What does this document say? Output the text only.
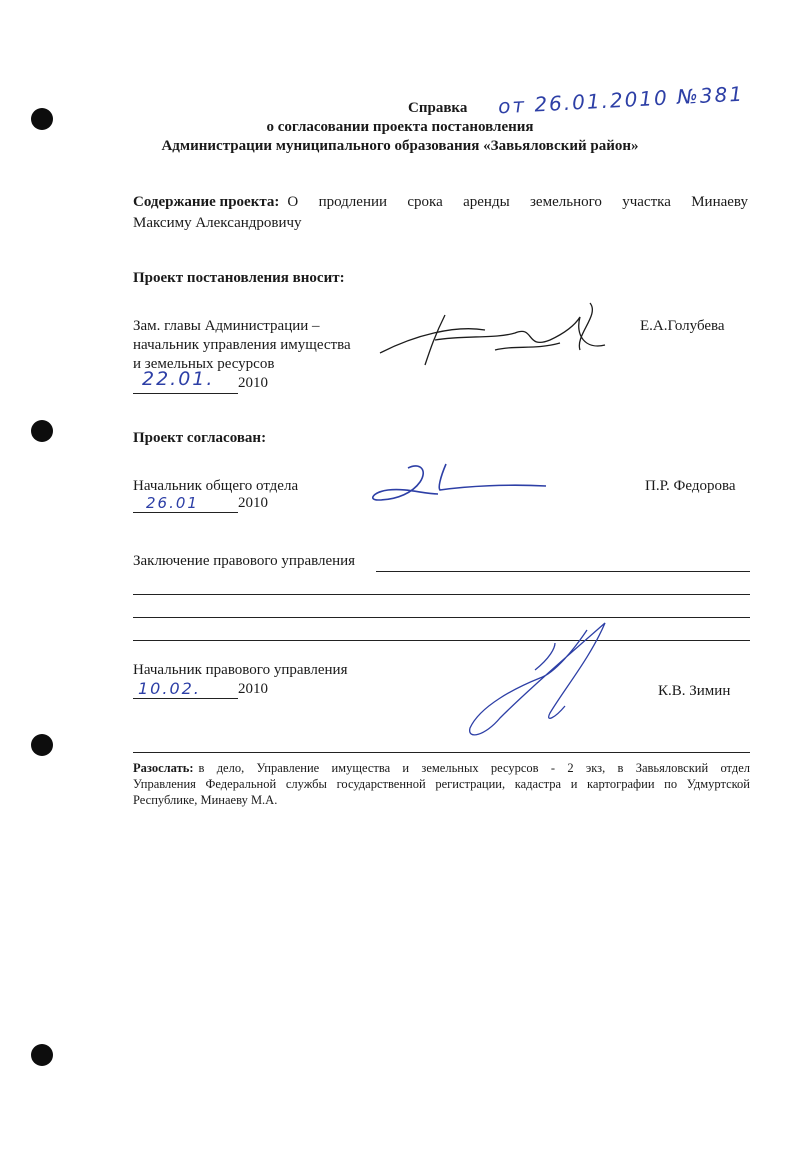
Справка от 26.01.2010 №381
о согласовании проекта постановления
Администрации муниципального образования «Завьяловский район»
Содержание проекта: О продлении срока аренды земельного участка Минаеву
Максиму Александровичу
Проект постановления вносит:
Зам. главы Администрации –
начальник управления имущества
и земельных ресурсов
22.01. 2010
Е.А.Голубева
Проект согласован:
Начальник общего отдела
26.01	2010
П.Р. Федорова
Заключение правового управления
Начальник правового управления
10.02. 2010	К.В. Зимин
Разослать: в дело, Управление имущества и земельных ресурсов - 2 экз, в Завьяловский отдел
Управления Федеральной службы государственной регистрации, кадастра и картографии по Удмуртской
Республике, Минаеву М.А.
